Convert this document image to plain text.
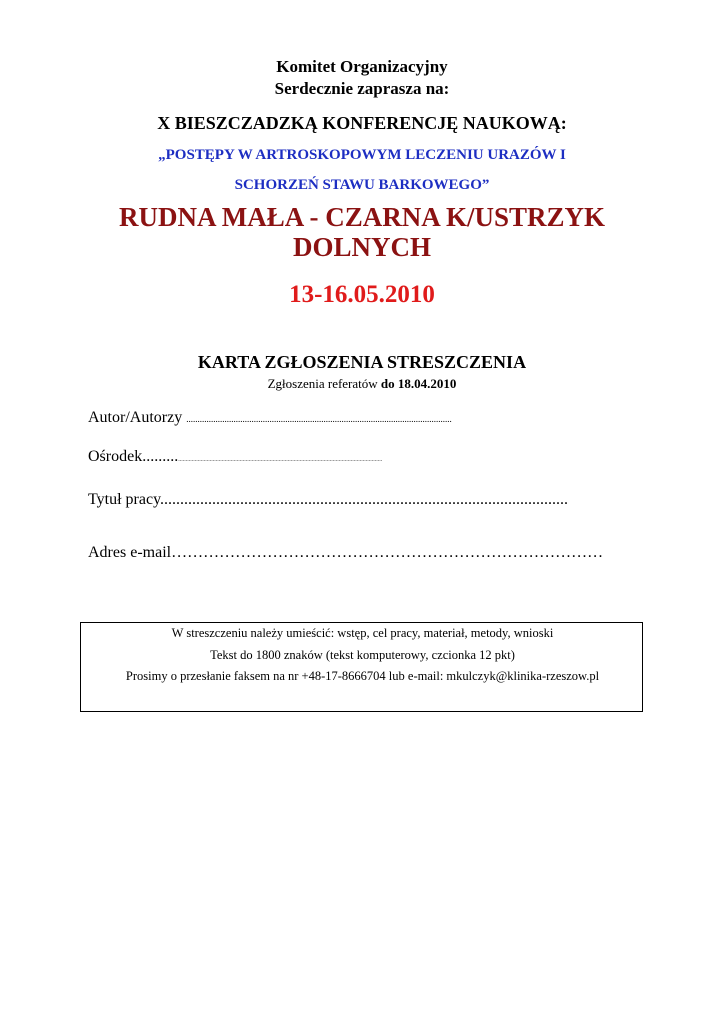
Komitet Organizacyjny
Serdecznie zaprasza na:
X BIESZCZADZKĄ KONFERENCJĘ NAUKOWĄ:
„POSTĘPY W ARTROSKOPOWYM LECZENIU URAZÓW I
SCHORZEŃ STAWU BARKOWEGO”
RUDNA MAŁA - CZARNA K/USTRZYK
DOLNYCH
13-16.05.2010
KARTA ZGŁOSZENIA STRESZCZENIA
Zgłoszenia referatów do 18.04.2010
Autor/Autorzy ......................................................................................................................
Ośrodek.................................................................................................................................................
Tytuł pracy......................................................................................................
Adres e-mail………………………………………………………………………
W streszczeniu należy umieścić: wstęp, cel pracy, materiał, metody, wnioski
Tekst do 1800 znaków (tekst komputerowy, czcionka 12 pkt)
Prosimy o przesłanie faksem na nr +48-17-8666704 lub e-mail: mkulczyk@klinika-rzeszow.pl
